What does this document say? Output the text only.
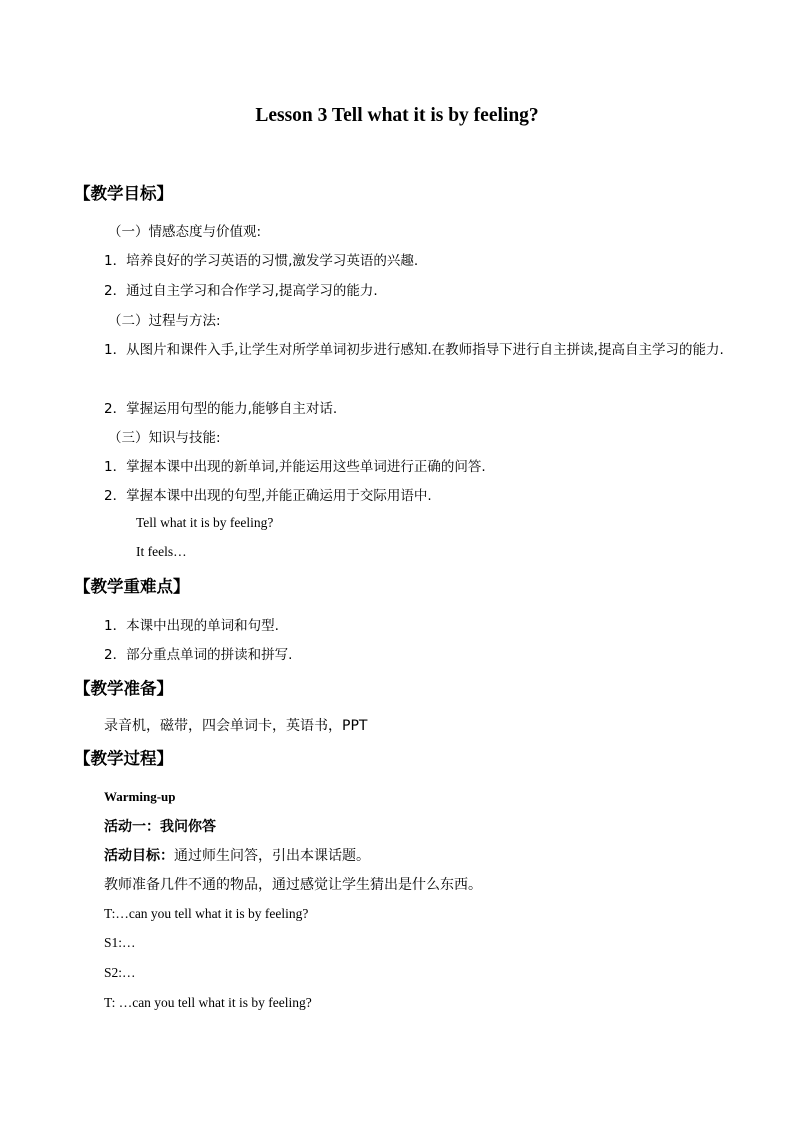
Lesson 3 Tell what it is by feeling?
【教学目标】
（一）情感态度与价值观:
1．培养良好的学习英语的习惯,激发学习英语的兴趣.
2．通过自主学习和合作学习,提高学习的能力.
（二）过程与方法:
1．从图片和课件入手,让学生对所学单词初步进行感知.在教师指导下进行自主拼读,提高自主学习的能力.
2．掌握运用句型的能力,能够自主对话.
（三）知识与技能:
1．掌握本课中出现的新单词,并能运用这些单词进行正确的问答.
2．掌握本课中出现的句型,并能正确运用于交际用语中.
Tell what it is by feeling?
It feels…
【教学重难点】
1．本课中出现的单词和句型.
2．部分重点单词的拼读和拼写.
【教学准备】
录音机，磁带，四会单词卡，英语书，PPT
【教学过程】
Warming-up
活动一：我问你答
活动目标：通过师生问答，引出本课话题。
教师准备几件不通的物品，通过感觉让学生猜出是什么东西。
T:…can you tell what it is by feeling?
S1:…
S2:…
T: …can you tell what it is by feeling?
